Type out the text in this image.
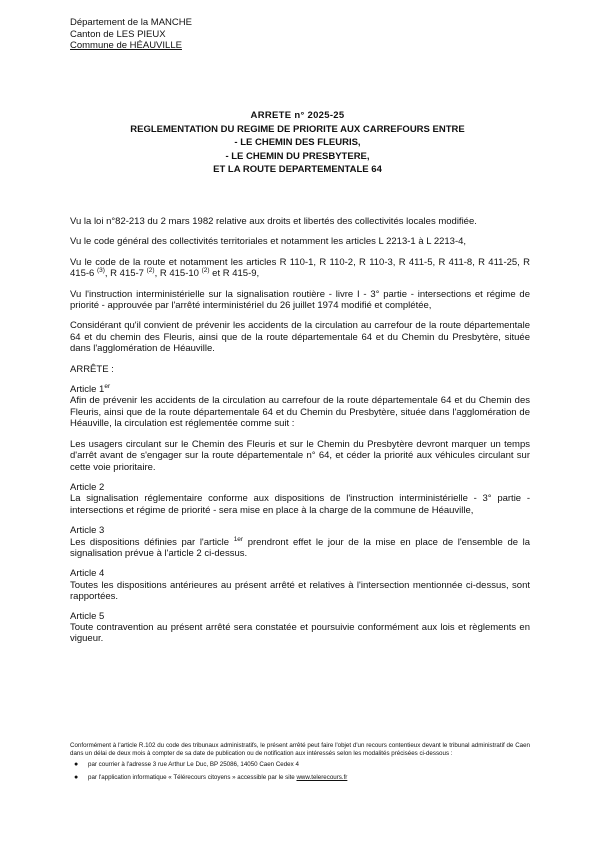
Département de la MANCHE
Canton de LES PIEUX
Commune de HÉAUVILLE
ARRETE n° 2025-25
REGLEMENTATION DU REGIME DE PRIORITE AUX CARREFOURS ENTRE
- LE CHEMIN DES FLEURIS,
- LE CHEMIN DU PRESBYTERE,
ET LA ROUTE DEPARTEMENTALE 64

Vu la loi n°82-213 du 2 mars 1982 relative aux droits et libertés des collectivités locales modifiée.

Vu le code général des collectivités territoriales et notamment les articles L 2213-1 à L 2213-4,

Vu le code de la route et notamment les articles R 110-1, R 110-2, R 110-3, R 411-5, R 411-8, R 411-25, R 415-6 $^{(3)}$, R 415-7 $^{(2)}$, R 415-10 $^{(2)}$ et R 415-9,

Vu l'instruction interministérielle sur la signalisation routière - livre I - 3° partie - intersections et régime de priorité - approuvée par l'arrêté interministériel du 26 juillet 1974 modifié et complétée,

Considérant qu'il convient de prévenir les accidents de la circulation au carrefour de la route départementale 64 et du chemin des Fleuris, ainsi que de la route départementale 64 et du Chemin du Presbytère, située dans l'agglomération de Héauville.

ARRÊTE :

Article 1er

Afin de prévenir les accidents de la circulation au carrefour de la route départementale 64 et du Chemin des Fleuris, ainsi que de la route départementale 64 et du Chemin du Presbytère, située dans l'agglomération de Héauville, la circulation est réglementée comme suit :

Les usagers circulant sur le Chemin des Fleuris et sur le Chemin du Presbytère devront marquer un temps d'arrêt avant de s'engager sur la route départementale n° 64, et céder la priorité aux véhicules circulant sur cette voie prioritaire.

Article 2

La signalisation réglementaire conforme aux dispositions de l'instruction interministérielle - 3° partie - intersections et régime de priorité - sera mise en place à la charge de la commune de Héauville,

Article 3

Les dispositions définies par l'article $^{1er}$ prendront effet le jour de la mise en place de l'ensemble de la signalisation prévue à l'article 2 ci-dessus.

Article 4

Toutes les dispositions antérieures au présent arrêté et relatives à l'intersection mentionnée ci-dessus, sont rapportées.

Article 5

Toute contravention au présent arrêté sera constatée et poursuivie conformément aux lois et règlements en vigueur.

Conformément à l'article R.102 du code des tribunaux administratifs, le présent arrêté peut faire l'objet d'un recours contentieux devant le tribunal administratif de Caen dans un délai de deux mois à compter de sa date de publication ou de notification aux intéressés selon les modalités précisées ci-dessous :

● par courrier à l'adresse 3 rue Arthur Le Duc, BP 25086, 14050 Caen Cedex 4
● par l'application informatique « Télérecours citoyens » accessible par le site www.telerecours.fr
